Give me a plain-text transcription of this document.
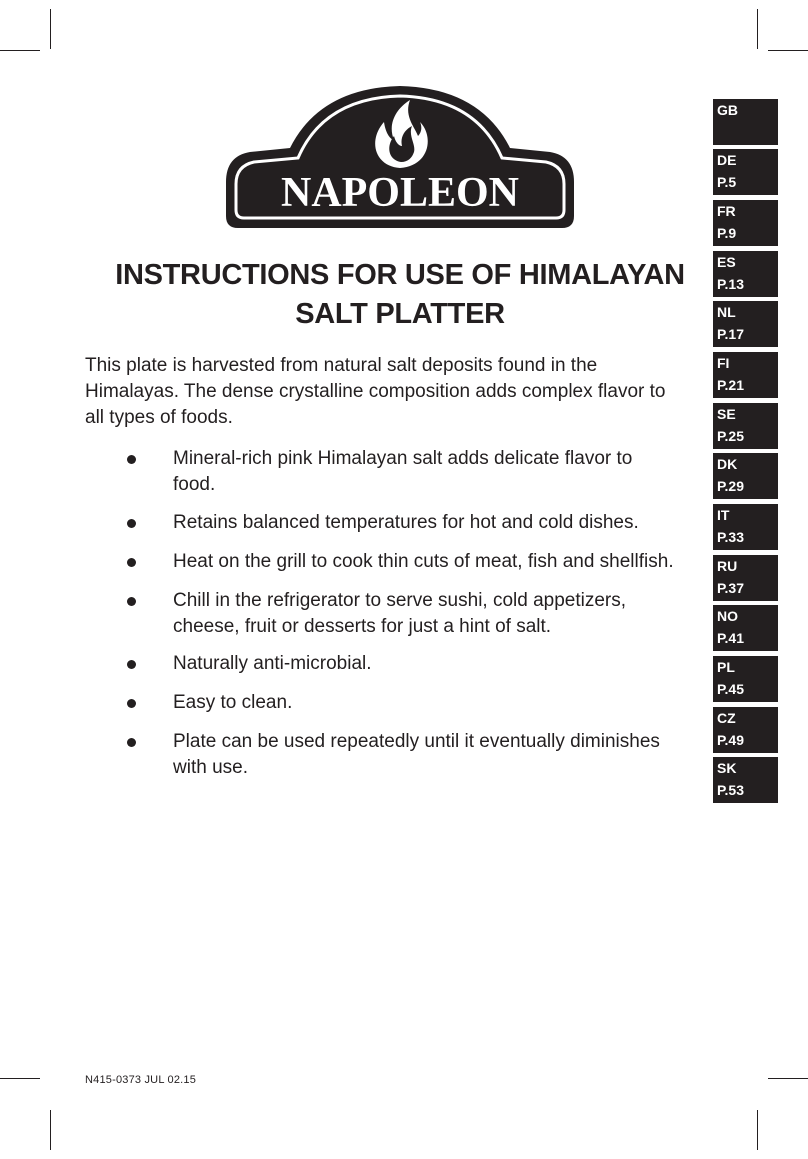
NAPOLEON
INSTRUCTIONS FOR USE OF HIMALAYAN
SALT PLATTER

This plate is harvested from natural salt deposits found in the
Himalayas. The dense crystalline composition adds complex flavor to
all types of foods.

Mineral-rich pink Himalayan salt adds delicate flavor to
food.
Retains balanced temperatures for hot and cold dishes.
Heat on the grill to cook thin cuts of meat, fish and shellfish.
Chill in the refrigerator to serve sushi, cold appetizers,
cheese, fruit or desserts for just a hint of salt.
Naturally anti-microbial.
Easy to clean.
Plate can be used repeatedly until it eventually diminishes
with use.
GB
DE
P.5
FR
P.9
ES
P.13
NL
P.17
FI
P.21
SE
P.25
DK
P.29
IT
P.33
RU
P.37
NO
P.41
PL
P.45
CZ
P.49
SK
P.53
N415-0373 JUL 02.15
